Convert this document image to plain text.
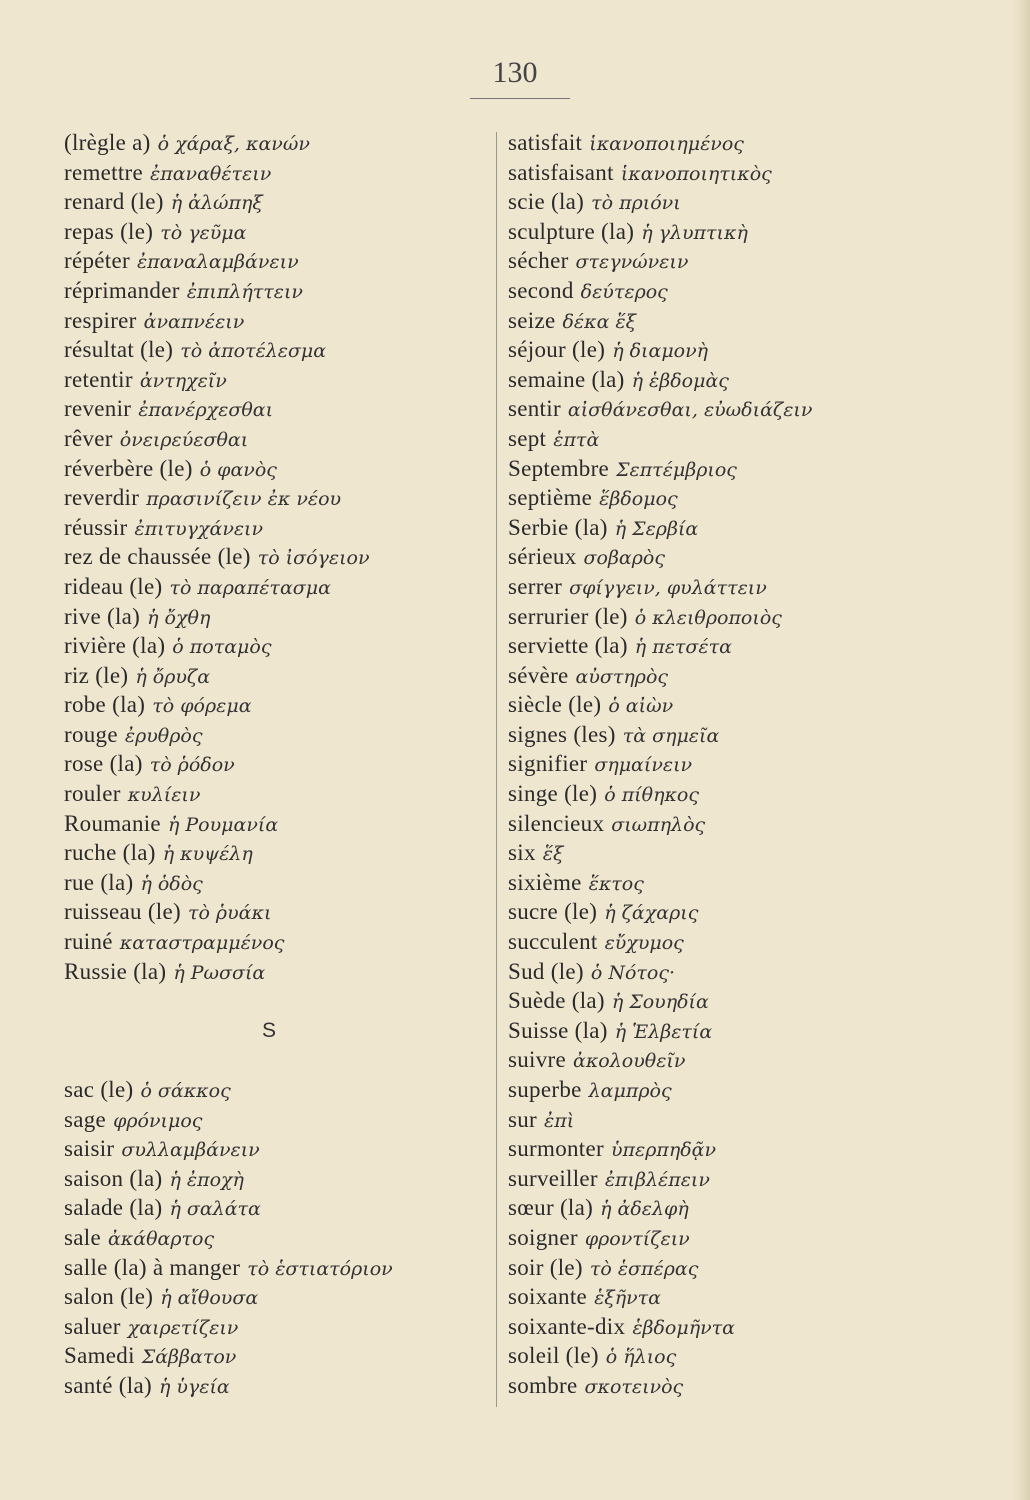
130
(lrègle a) ὁ χάραξ, κανών
remettre ἐπαναθέτειν
renard (le) ἡ ἀλώπηξ
repas (le) τὸ γεῦμα
répéter ἐπαναλαμβάνειν
réprimander ἐπιπλήττειν
respirer ἀναπνέειν
résultat (le) τὸ ἀποτέλεσμα
retentir ἀντηχεῖν
revenir ἐπανέρχεσθαι
rêver ὀνειρεύεσθαι
réverbère (le) ὁ φανὸς
reverdir πρασινίζειν ἐκ νέου
réussir ἐπιτυγχάνειν
rez de chaussée (le) τὸ ἰσόγειον
rideau (le) τὸ παραπέτασμα
rive (la) ἡ ὄχθη
rivière (la) ὁ ποταμὸς
riz (le) ἡ ὄρυζα
robe (la) τὸ φόρεμα
rouge ἐρυθρὸς
rose (la) τὸ ῥόδον
rouler κυλίειν
Roumanie ἡ Ρουμανία
ruche (la) ἡ κυψέλη
rue (la) ἡ ὁδὸς
ruisseau (le) τὸ ῥυάκι
ruiné καταστραμμένος
Russie (la) ἡ Ρωσσία
S
sac (le) ὁ σάκκος
sage φρόνιμος
saisir συλλαμβάνειν
saison (la) ἡ ἐποχὴ
salade (la) ἡ σαλάτα
sale ἀκάθαρτος
salle (la) à manger τὸ ἑστιατόριον
salon (le) ἡ αἴθουσα
saluer χαιρετίζειν
Samedi Σάββατον
santé (la) ἡ ὑγεία
satisfait ἱκανοποιημένος
satisfaisant ἱκανοποιητικὸς
scie (la) τὸ πριόνι
sculpture (la) ἡ γλυπτικὴ
sécher στεγνώνειν
second δεύτερος
seize δέκα ἕξ
séjour (le) ἡ διαμονὴ
semaine (la) ἡ ἑβδομὰς
sentir αἰσθάνεσθαι, εὐωδιάζειν
sept ἑπτὰ
Septembre Σεπτέμβριος
septième ἕβδομος
Serbie (la) ἡ Σερβία
sérieux σοβαρὸς
serrer σφίγγειν, φυλάττειν
serrurier (le) ὁ κλειθροποιὸς
serviette (la) ἡ πετσέτα
sévère αὐστηρὸς
siècle (le) ὁ αἰὼν
signes (les) τὰ σημεῖα
signifier σημαίνειν
singe (le) ὁ πίθηκος
silencieux σιωπηλὸς
six ἕξ
sixième ἕκτος
sucre (le) ἡ ζάχαρις
succulent εὔχυμος
Sud (le) ὁ Νότος·
Suède (la) ἡ Σουηδία
Suisse (la) ἡ Ἑλβετία
suivre ἀκολουθεῖν
superbe λαμπρὸς
sur ἐπὶ
surmonter ὑπερπηδᾷν
surveiller ἐπιβλέπειν
sœur (la) ἡ ἀδελφὴ
soigner φροντίζειν
soir (le) τὸ ἑσπέρας
soixante ἑξῆντα
soixante-dix ἑβδομῆντα
soleil (le) ὁ ἥλιος
sombre σκοτεινὸς
